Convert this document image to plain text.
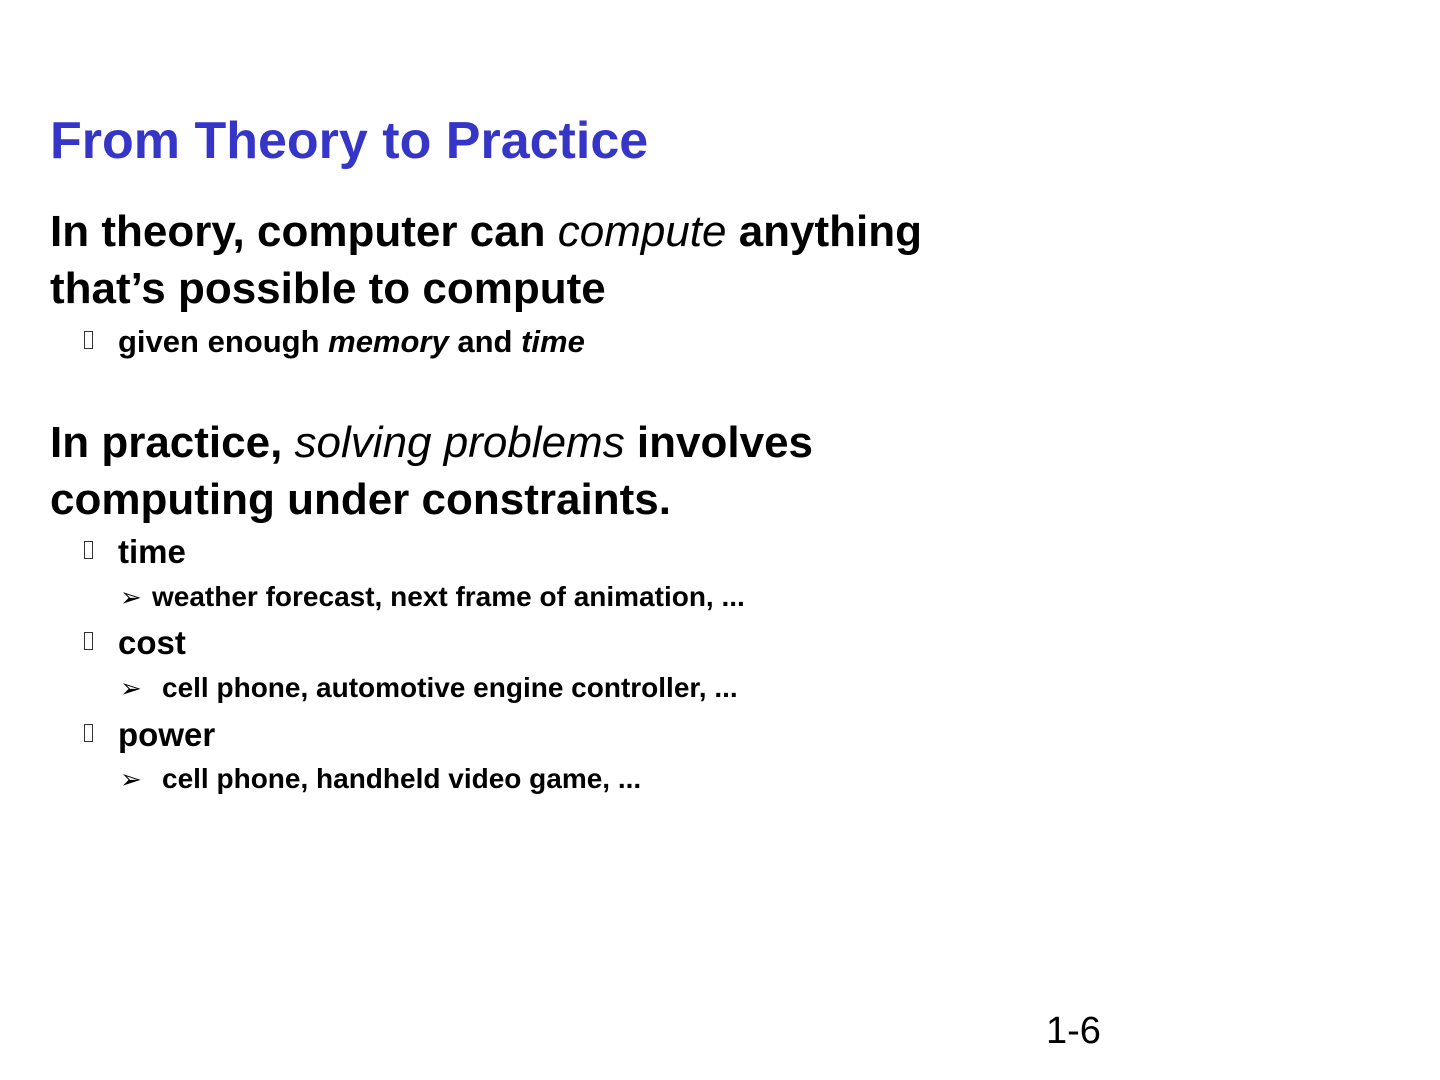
From Theory to Practice
In theory, computer can compute anything
that’s possible to compute
given enough memory and time
In practice, solving problems involves
computing under constraints.
time
➢ weather forecast, next frame of animation, ...
cost
➢ cell phone, automotive engine controller, ...
power
➢ cell phone, handheld video game, ...
1-6
